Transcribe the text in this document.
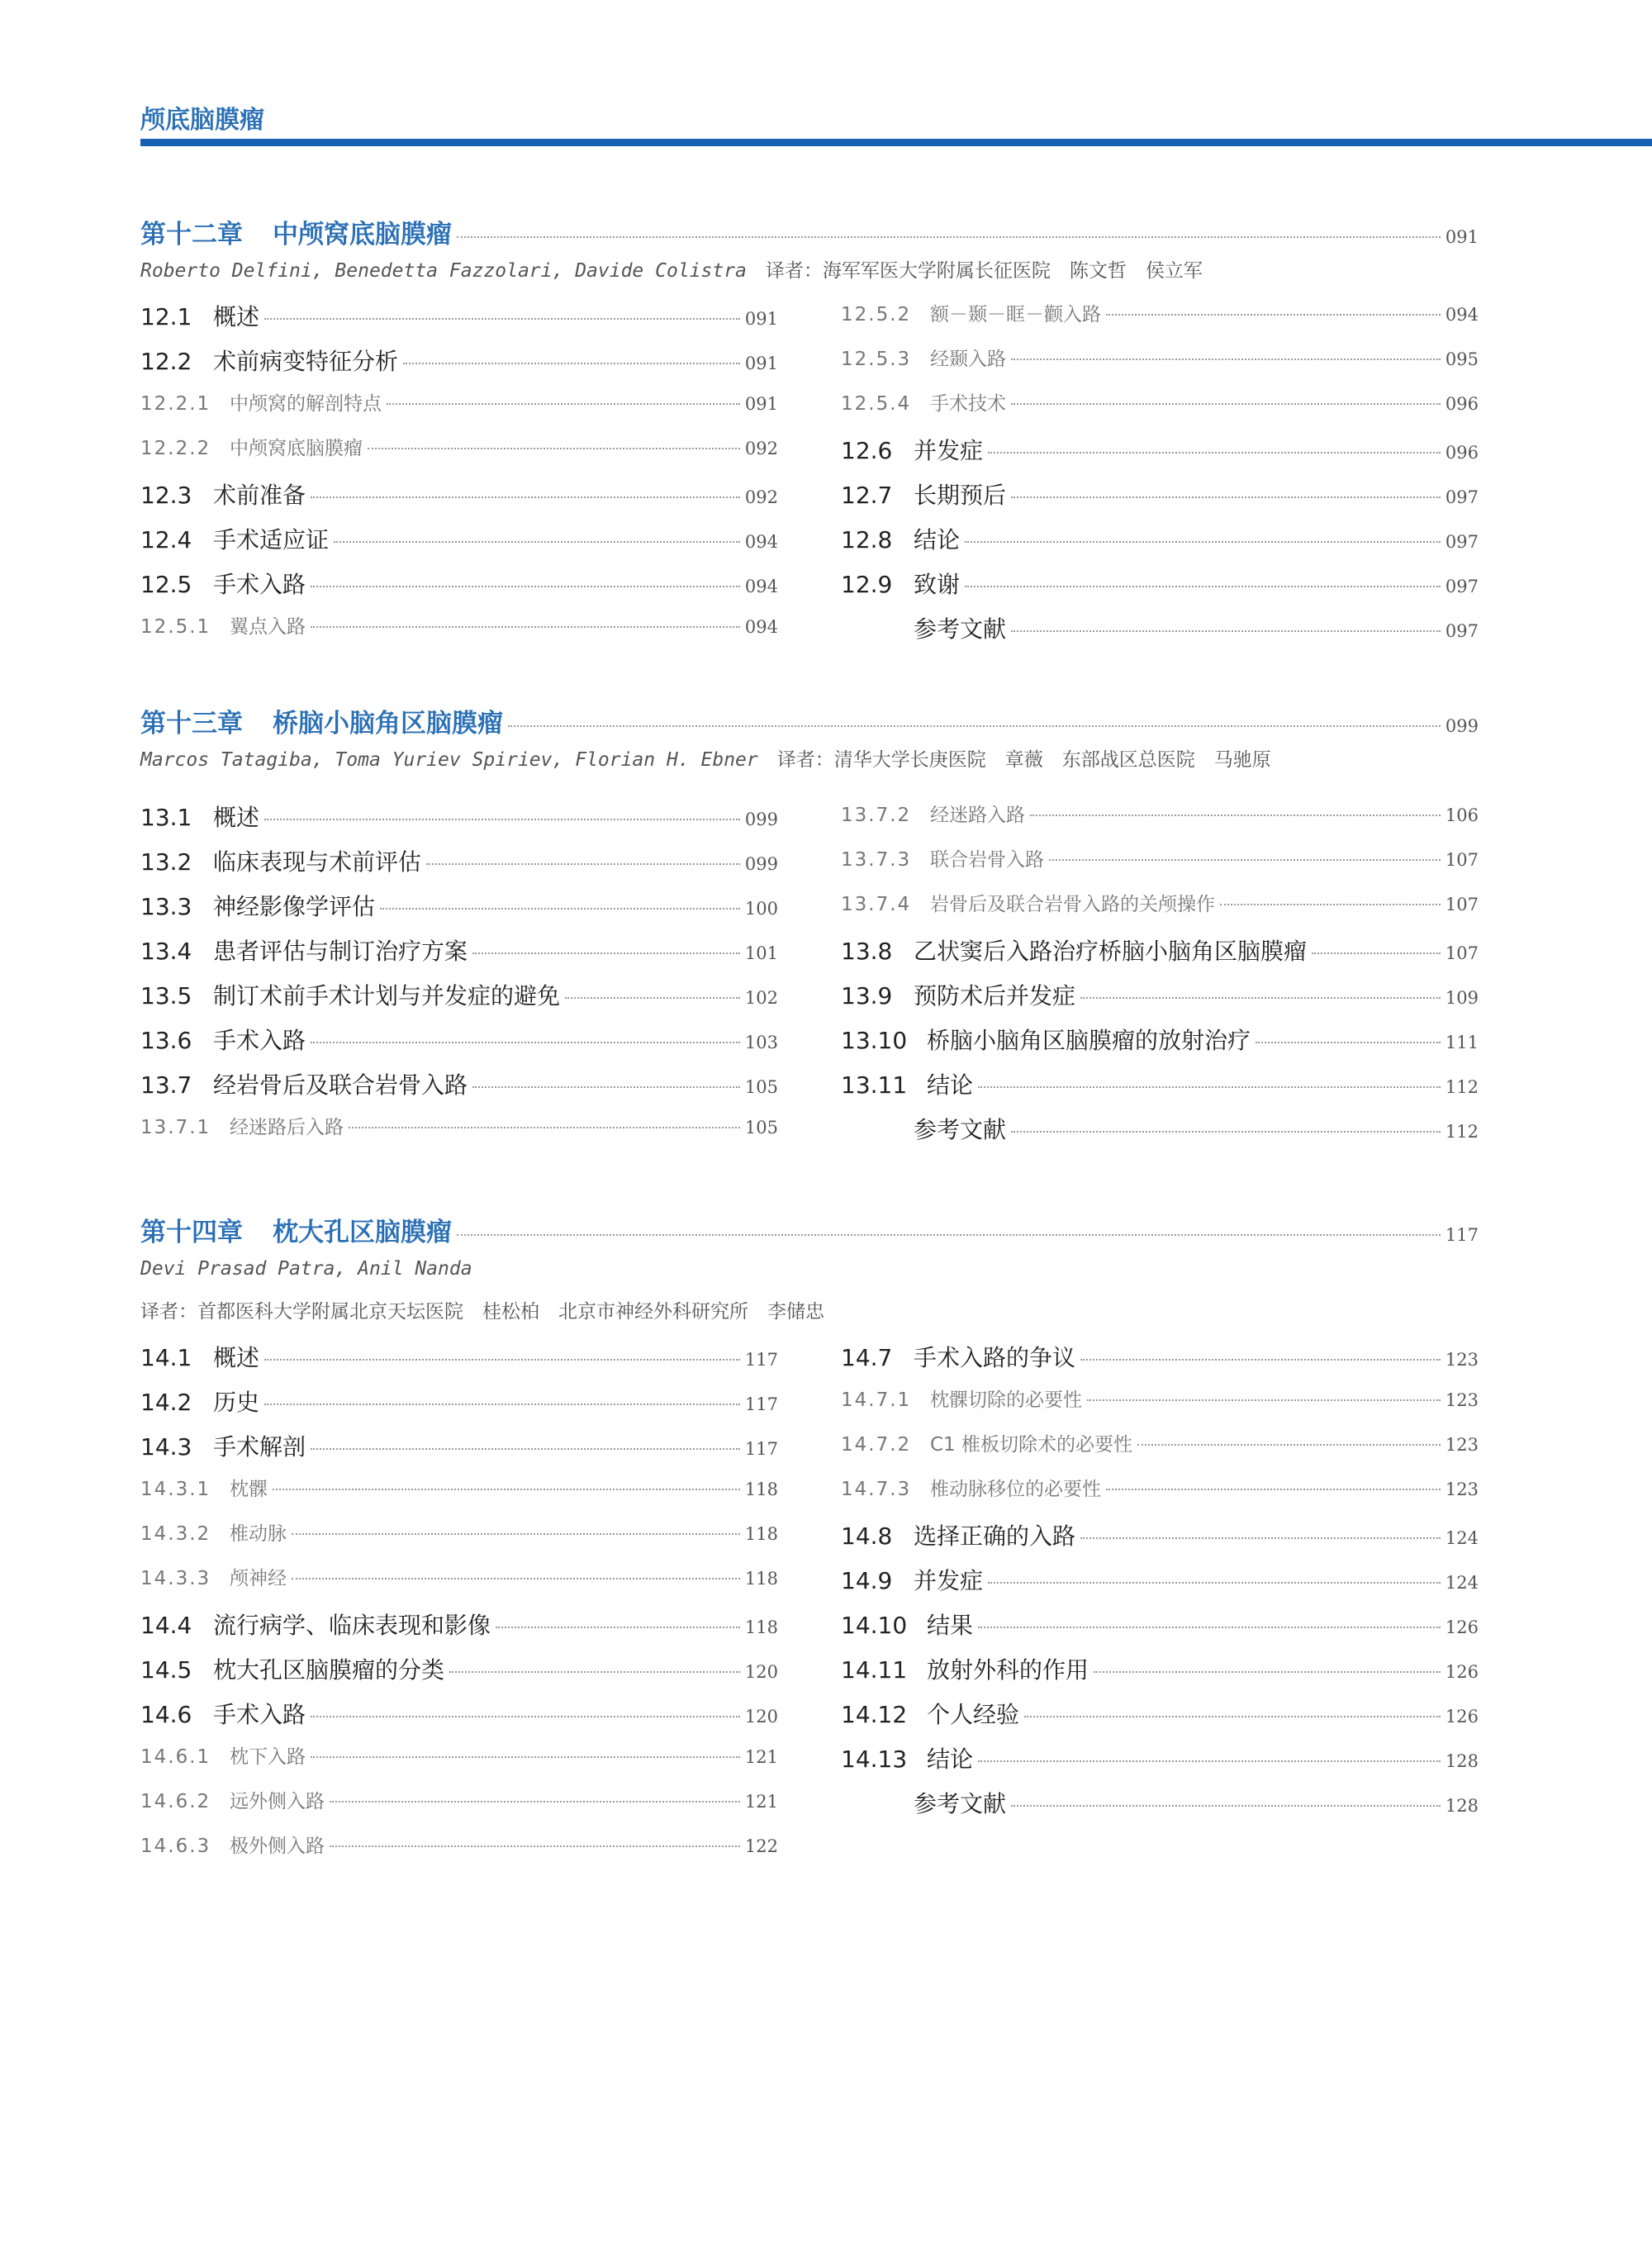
颅底脑膜瘤
第十二章 中颅窝底脑膜瘤	091
Roberto Delfini, Benedetta Fazzolari, Davide Colistra　 译者：海军军医大学附属长征医院　陈文哲　侯立军
12.1 概述	091
12.2 术前病变特征分析	091
12.2.1 中颅窝的解剖特点	091
12.2.2 中颅窝底脑膜瘤	092
12.3 术前准备	092
12.4 手术适应证	094
12.5 手术入路	094
12.5.1 翼点入路	094
12.5.2 额－颞－眶－颧入路	094
12.5.3 经颞入路	095
12.5.4 手术技术	096
12.6 并发症	096
12.7 长期预后	097
12.8 结论	097
12.9 致谢	097
参考文献	097
第十三章 桥脑小脑角区脑膜瘤	099
Marcos Tatagiba, Toma Yuriev Spiriev, Florian H. Ebner　 译者：清华大学长庚医院　章薇　东部战区总医院　马驰原
13.1 概述	099
13.2 临床表现与术前评估	099
13.3 神经影像学评估	100
13.4 患者评估与制订治疗方案	101
13.5 制订术前手术计划与并发症的避免	102
13.6 手术入路	103
13.7 经岩骨后及联合岩骨入路	105
13.7.1 经迷路后入路	105
13.7.2 经迷路入路	106
13.7.3 联合岩骨入路	107
13.7.4 岩骨后及联合岩骨入路的关颅操作	107
13.8 乙状窦后入路治疗桥脑小脑角区脑膜瘤	107
13.9 预防术后并发症	109
13.10 桥脑小脑角区脑膜瘤的放射治疗	111
13.11 结论	112
参考文献	112
第十四章 枕大孔区脑膜瘤	117
Devi Prasad Patra, Anil Nanda
译者：首都医科大学附属北京天坛医院　桂松柏　北京市神经外科研究所　李储忠
14.1 概述	117
14.2 历史	117
14.3 手术解剖	117
14.3.1 枕髁	118
14.3.2 椎动脉	118
14.3.3 颅神经	118
14.4 流行病学、临床表现和影像	118
14.5 枕大孔区脑膜瘤的分类	120
14.6 手术入路	120
14.6.1 枕下入路	121
14.6.2 远外侧入路	121
14.6.3 极外侧入路	122
14.7 手术入路的争议	123
14.7.1 枕髁切除的必要性	123
14.7.2 C1 椎板切除术的必要性	123
14.7.3 椎动脉移位的必要性	123
14.8 选择正确的入路	124
14.9 并发症	124
14.10 结果	126
14.11 放射外科的作用	126
14.12 个人经验	126
14.13 结论	128
参考文献	128
